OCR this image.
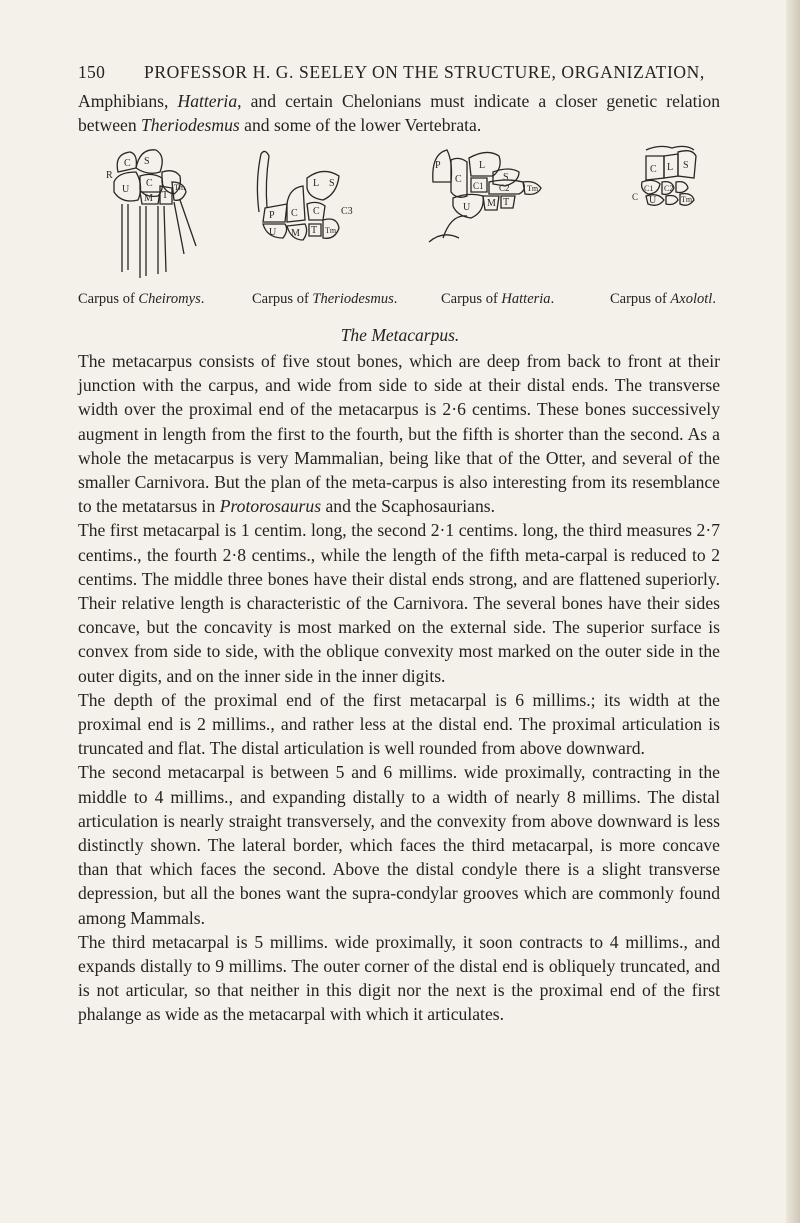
150 PROFESSOR H. G. SEELEY ON THE STRUCTURE, ORGANIZATION,

Amphibians, Hatteria, and certain Chelonians must indicate a closer genetic relation between Theriodesmus and some of the lower Vertebrata.

C S
R
U
C
M T
Tm
P C
L S
U
C
M T Tm
C3
P
C
L
S
C1 C2
U M T
Tm
C L S
C1 C2
U	Tm
C
Carpus of Cheiromys.	Carpus of Theriodesmus.	Carpus of Hatteria.	Carpus of Axolotl.
The Metacarpus.

The metacarpus consists of five stout bones, which are deep from back to front at their junction with the carpus, and wide from side to side at their distal ends. The transverse width over the proximal end of the metacarpus is 2·6 centims. These bones successively augment in length from the first to the fourth, but the fifth is shorter than the second. As a whole the metacarpus is very Mammalian, being like that of the Otter, and several of the smaller Carnivora. But the plan of the meta-carpus is also interesting from its resemblance to the metatarsus in Protorosaurus and the Scaphosaurians.

The first metacarpal is 1 centim. long, the second 2·1 centims. long, the third measures 2·7 centims., the fourth 2·8 centims., while the length of the fifth meta-carpal is reduced to 2 centims. The middle three bones have their distal ends strong, and are flattened superiorly. Their relative length is characteristic of the Carnivora. The several bones have their sides concave, but the concavity is most marked on the external side. The superior surface is convex from side to side, with the oblique convexity most marked on the outer side in the outer digits, and on the inner side in the inner digits.

The depth of the proximal end of the first metacarpal is 6 millims.; its width at the proximal end is 2 millims., and rather less at the distal end. The proximal articulation is truncated and flat. The distal articulation is well rounded from above downward.

The second metacarpal is between 5 and 6 millims. wide proximally, contracting in the middle to 4 millims., and expanding distally to a width of nearly 8 millims. The distal articulation is nearly straight transversely, and the convexity from above downward is less distinctly shown. The lateral border, which faces the third metacarpal, is more concave than that which faces the second. Above the distal condyle there is a slight transverse depression, but all the bones want the supra-condylar grooves which are commonly found among Mammals.

The third metacarpal is 5 millims. wide proximally, it soon contracts to 4 millims., and expands distally to 9 millims. The outer corner of the distal end is obliquely truncated, and is not articular, so that neither in this digit nor the next is the proximal end of the first phalange as wide as the metacarpal with which it articulates.
